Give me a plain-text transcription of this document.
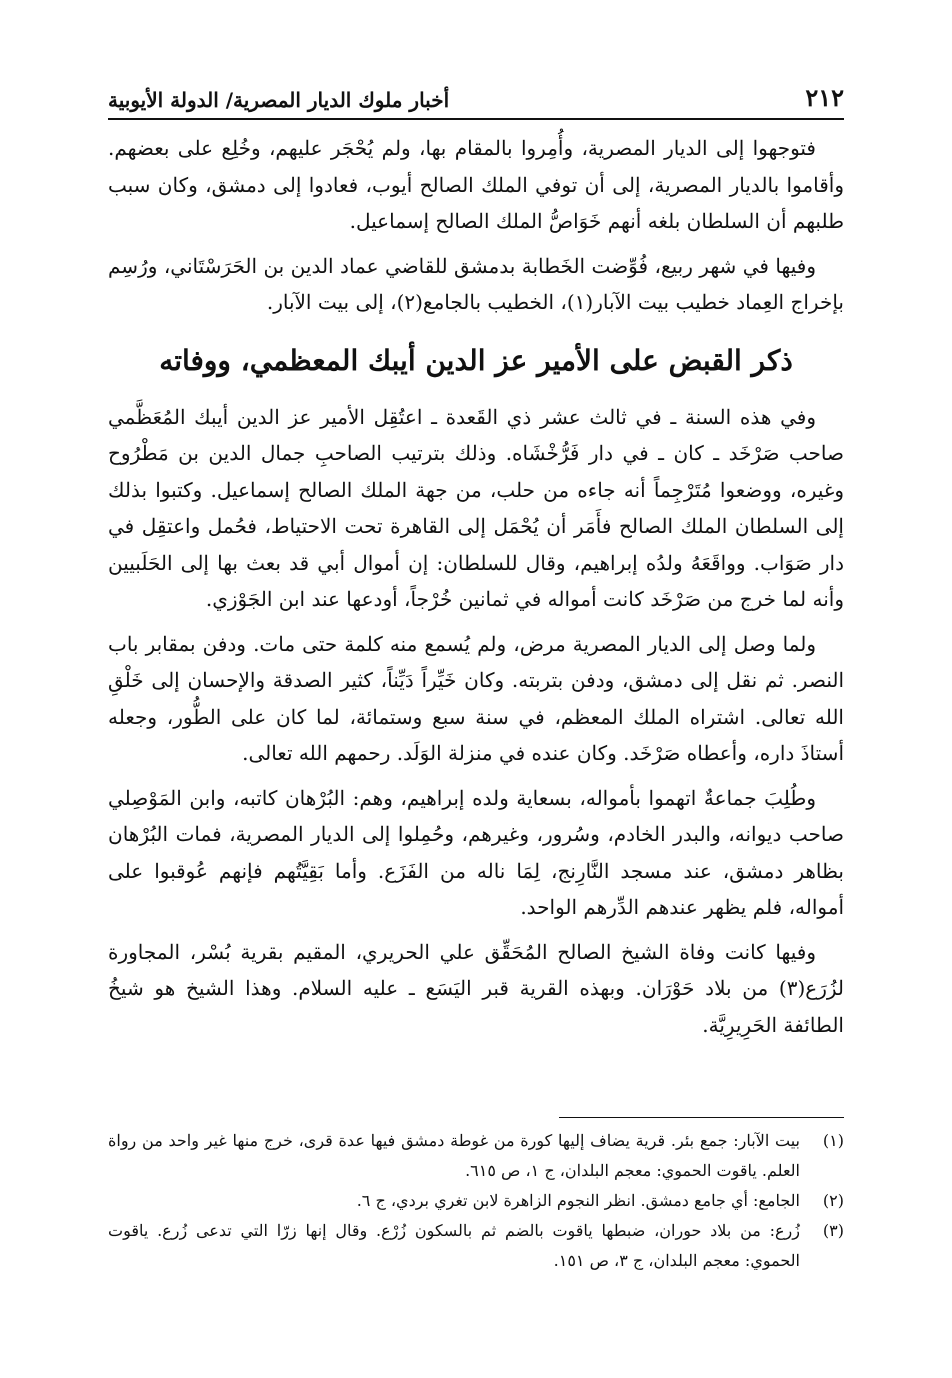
٢١٢
أخبار ملوك الديار المصرية/ الدولة الأيوبية

فتوجهوا إلى الديار المصرية، وأُمِروا بالمقام بها، ولم يُحْجَر عليهم، وخُلِع على بعضهم. وأقاموا بالديار المصرية، إلى أن توفي الملك الصالح أيوب، فعادوا إلى دمشق، وكان سبب طلبهم أن السلطان بلغه أنهم خَوَاصُّ الملك الصالح إسماعيل.

وفيها في شهر ربيع، فُوِّضت الخَطابة بدمشق للقاضي عماد الدين بن الحَرَسْتَاني، ورُسِم بإخراج العِماد خطيب بيت الآبار(١)، الخطيب بالجامع(٢)، إلى بيت الآبار.

ذكر القبض على الأمير عز الدين أيبك المعظمي، ووفاته

وفي هذه السنة ـ في ثالث عشر ذي القَعدة ـ اعتُقِل الأمير عز الدين أيبك المُعَظَّمي صاحب صَرْخَد ـ كان ـ في دار فَرُّخْشَاه. وذلك بترتيب الصاحبِ جمال الدين بن مَطْرُوح وغيره، ووضعوا مُتَرْجِماً أنه جاءه من حلب، من جهة الملك الصالح إسماعيل. وكتبوا بذلك إلى السلطان الملك الصالح فأَمَر أن يُحْمَل إلى القاهرة تحت الاحتياط، فحُمل واعتقِل في دار صَوَاب. وواقَعَهُ ولدُه إبراهيم، وقال للسلطان: إن أموال أبي قد بعث بها إلى الحَلَبيين وأنه لما خرج من صَرْخَد كانت أمواله في ثمانين خُرْجاً، أودعها عند ابن الجَوْزي.

ولما وصل إلى الديار المصرية مرض، ولم يُسمع منه كلمة حتى مات. ودفن بمقابر باب النصر. ثم نقل إلى دمشق، ودفن بتربته. وكان خَيِّراً دَيِّناً، كثير الصدقة والإحسان إلى خَلْقِ الله تعالى. اشتراه الملك المعظم، في سنة سبع وستمائة، لما كان على الطُّور، وجعله أستاذَ داره، وأعطاه صَرْخَد. وكان عنده في منزلة الوَلَد. رحمهم الله تعالى.

وطُلِبَ جماعةٌ اتهموا بأمواله، بسعاية ولده إبراهيم، وهم: البُرْهان كاتبه، وابن المَوْصِلي صاحب ديوانه، والبدر الخادم، وسُرور، وغيرهم، وحُمِلوا إلى الديار المصرية، فمات البُرْهان بظاهر دمشق، عند مسجد النَّارِنج، لِمَا ناله من الفَزَع. وأما بَقِيَّتُهم فإنهم عُوقبوا على أمواله، فلم يظهر عندهم الدِّرهم الواحد.

وفيها كانت وفاة الشيخ الصالح المُحَقِّق علي الحريري، المقيم بقرية بُسْر، المجاورة لزُرَع(٣) من بلاد حَوْرَان. وبهذه القرية قبر اليَسَع ـ عليه السلام. وهذا الشيخ هو شيخُ الطائفة الحَرِيرِيَّة.

(١)
بيت الآبار: جمع بئر. قرية يضاف إليها كورة من غوطة دمشق فيها عدة قرى، خرج منها غير واحد من رواة العلم. ياقوت الحموي: معجم البلدان، ج ١، ص ٦١٥.
(٢)
الجامع: أي جامع دمشق. انظر النجوم الزاهرة لابن تغري بردي، ج ٦.
(٣)
زُرع: من بلاد حوران، ضبطها ياقوت بالضم ثم بالسكون زُرْع. وقال إنها زرّا التي تدعى زُرع. ياقوت الحموي: معجم البلدان، ج ٣، ص ١٥١.
